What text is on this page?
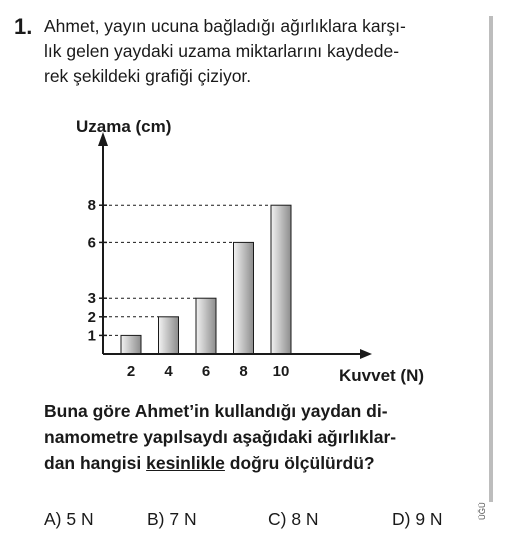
1. Ahmet, yayın ucuna bağladığı ağırlıklara karşı-
lık gelen yaydaki uzama miktarlarını kaydede-
rek şekildeki grafiği çiziyor.
ÜĞÜ
1
2
3
6
8
2 4 6 8 10
Uzama (cm)
Kuvvet (N)
Buna göre Ahmet’in kullandığı yaydan di-
namometre yapılsaydı aşağıdaki ağırlıklar-
dan hangisi kesinlikle doğru ölçülürdü?
A) 5 N	B) 7 N	C) 8 N	D) 9 N
